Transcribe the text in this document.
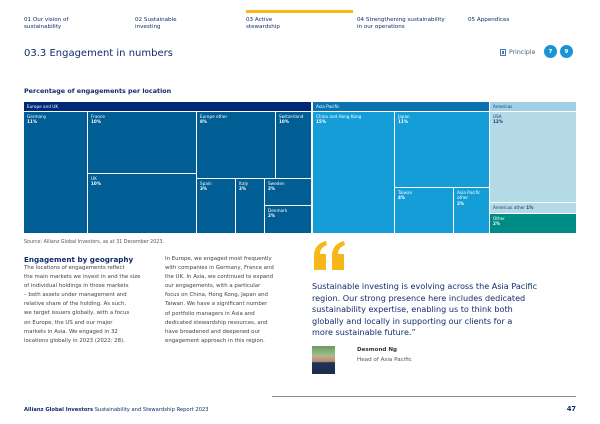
01 Our vision of
sustainability
02 Sustainable
investing
03 Active
stewardship
04 Strengthening sustainability
in our operations
05 Appendices
03.3 Engagement in numbers	Principle	7	9
Percentage of engagements per location
Europe and UK	Asia Pacific	Americas
Germany
11%
France
10%
UK
10%
Europe other
8%
Switzerland
10%
Spain
3%
Italy
2%
Sweden
2%
Denmark
2%
China and Hong Kong
15%
Japan
11%
Taiwan
4%
Asia Pacific other
2%
USA
12%
Americas other 1%
Other
2%
Source: Allianz Global Investors, as at 31 December 2023.
Engagement by geography
The locations of engagements reflect
the main markets we invest in and the size
of individual holdings in those markets
– both assets under management and
relative share of the holding. As such,
we target issuers globally, with a focus
on Europe, the US and our major
markets in Asia. We engaged in 32
locations globally in 2023 (2022: 28).
In Europe, we engaged most frequently
with companies in Germany, France and
the UK. In Asia, we continued to expand
our engagements, with a particular
focus on China, Hong Kong, Japan and
Taiwan. We have a significant number
of portfolio managers in Asia and
dedicated stewardship resources, and
have broadened and deepened our
engagement approach in this region.
Sustainable investing is evolving across the Asia Pacific
region. Our strong presence here includes dedicated
sustainability expertise, enabling us to think both
globally and locally in supporting our clients for a
more sustainable future.”
Desmond Ng
Head of Asia Pacific
Allianz Global Investors Sustainability and Stewardship Report 2023	47
